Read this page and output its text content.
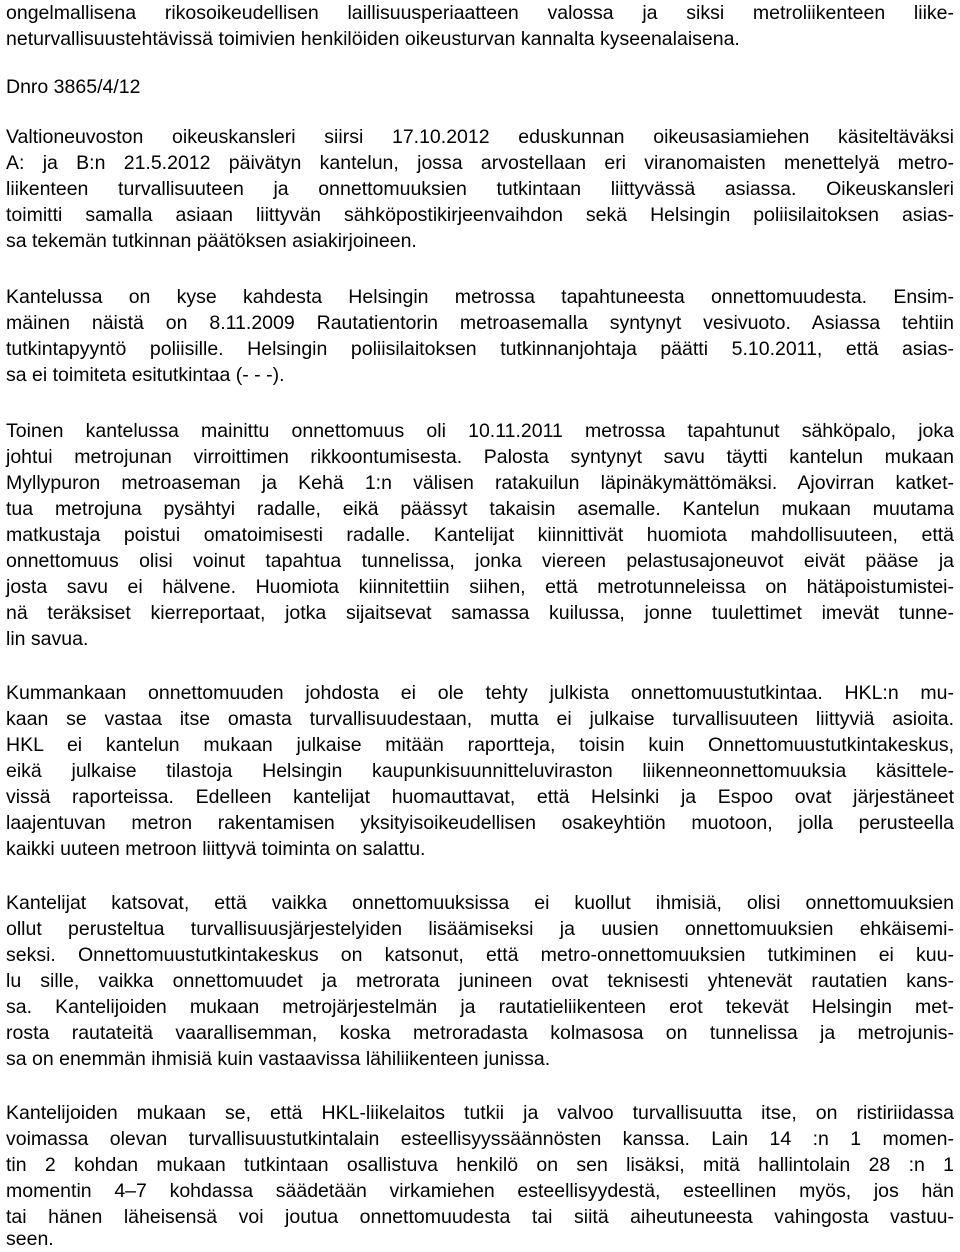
ongelmallisena rikosoikeudellisen laillisuusperiaatteen valossa ja siksi metroliikenteen liike-
neturvallisuustehtävissä toimivien henkilöiden oikeusturvan kannalta kyseenalaisena.
Dnro 3865/4/12
Valtioneuvoston oikeuskansleri siirsi 17.10.2012 eduskunnan oikeusasiamiehen käsiteltäväksi
A: ja B:n 21.5.2012 päivätyn kantelun, jossa arvostellaan eri viranomaisten menettelyä metro-
liikenteen turvallisuuteen ja onnettomuuksien tutkintaan liittyvässä asiassa. Oikeuskansleri
toimitti samalla asiaan liittyvän sähköpostikirjeenvaihdon sekä Helsingin poliisilaitoksen asias-
sa tekemän tutkinnan päätöksen asiakirjoineen.
Kantelussa on kyse kahdesta Helsingin metrossa tapahtuneesta onnettomuudesta. Ensim-
mäinen näistä on 8.11.2009 Rautatientorin metroasemalla syntynyt vesivuoto. Asiassa tehtiin
tutkintapyyntö poliisille. Helsingin poliisilaitoksen tutkinnanjohtaja päätti 5.10.2011, että asias-
sa ei toimiteta esitutkintaa (- - -).
Toinen kantelussa mainittu onnettomuus oli 10.11.2011 metrossa tapahtunut sähköpalo, joka
johtui metrojunan virroittimen rikkoontumisesta. Palosta syntynyt savu täytti kantelun mukaan
Myllypuron metroaseman ja Kehä 1:n välisen ratakuilun läpinäkymättömäksi. Ajovirran katket-
tua metrojuna pysähtyi radalle, eikä päässyt takaisin asemalle. Kantelun mukaan muutama
matkustaja poistui omatoimisesti radalle. Kantelijat kiinnittivät huomiota mahdollisuuteen, että
onnettomuus olisi voinut tapahtua tunnelissa, jonka viereen pelastusajoneuvot eivät pääse ja
josta savu ei hälvene. Huomiota kiinnitettiin siihen, että metrotunneleissa on hätäpoistumistei-
nä teräksiset kierreportaat, jotka sijaitsevat samassa kuilussa, jonne tuulettimet imevät tunne-
lin savua.
Kummankaan onnettomuuden johdosta ei ole tehty julkista onnettomuustutkintaa. HKL:n mu-
kaan se vastaa itse omasta turvallisuudestaan, mutta ei julkaise turvallisuuteen liittyviä asioita.
HKL ei kantelun mukaan julkaise mitään raportteja, toisin kuin Onnettomuustutkintakeskus,
eikä julkaise tilastoja Helsingin kaupunkisuunnitteluviraston liikenneonnettomuuksia käsittele-
vissä raporteissa. Edelleen kantelijat huomauttavat, että Helsinki ja Espoo ovat järjestäneet
laajentuvan metron rakentamisen yksityisoikeudellisen osakeyhtiön muotoon, jolla perusteella
kaikki uuteen metroon liittyvä toiminta on salattu.
Kantelijat katsovat, että vaikka onnettomuuksissa ei kuollut ihmisiä, olisi onnettomuuksien
ollut perusteltua turvallisuusjärjestelyiden lisäämiseksi ja uusien onnettomuuksien ehkäisemi-
seksi. Onnettomuustutkintakeskus on katsonut, että metro-onnettomuuksien tutkiminen ei kuu-
lu sille, vaikka onnettomuudet ja metrorata junineen ovat teknisesti yhtenevät rautatien kans-
sa. Kantelijoiden mukaan metrojärjestelmän ja rautatieliikenteen erot tekevät Helsingin met-
rosta rautateitä vaarallisemman, koska metroradasta kolmasosa on tunnelissa ja metrojunis-
sa on enemmän ihmisiä kuin vastaavissa lähiliikenteen junissa.
Kantelijoiden mukaan se, että HKL-liikelaitos tutkii ja valvoo turvallisuutta itse, on ristiriidassa
voimassa olevan turvallisuustutkintalain esteellisyyssäännösten kanssa. Lain 14 :n 1 momen-
tin 2 kohdan mukaan tutkintaan osallistuva henkilö on sen lisäksi, mitä hallintolain 28 :n 1
momentin 4–7 kohdassa säädetään virkamiehen esteellisyydestä, esteellinen myös, jos hän
tai hänen läheisensä voi joutua onnettomuudesta tai siitä aiheutuneesta vahingosta vastuu-
seen.
